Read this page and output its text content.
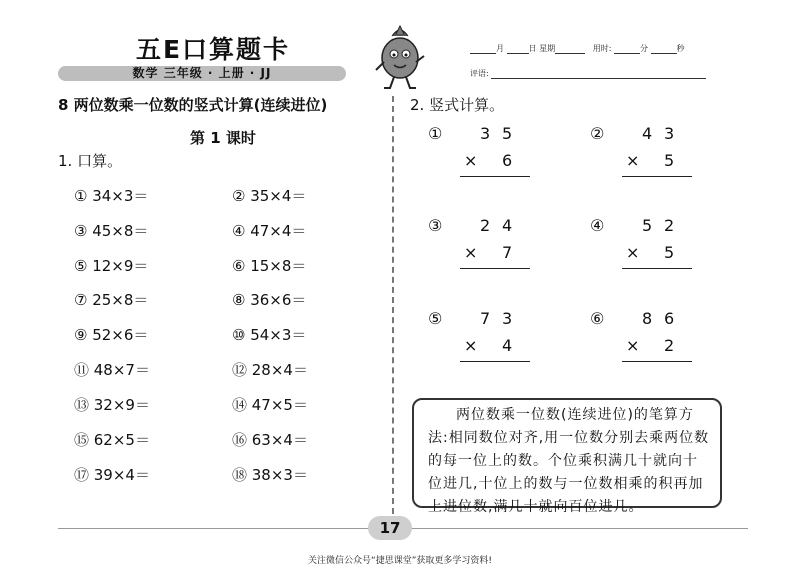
五E口算题卡
数学 三年级 · 上册 · JJ
月	日 星期	用时:	分	秒
评语:
8 两位数乘一位数的竖式计算(连续进位)
第 1 课时
1. 口算。
① 34×3＝	② 35×4＝
③ 45×8＝	④ 47×4＝
⑤ 12×9＝	⑥ 15×8＝
⑦ 25×8＝	⑧ 36×6＝
⑨ 52×6＝	⑩ 54×3＝
⑪ 48×7＝	⑫ 28×4＝
⑬ 32×9＝	⑭ 47×5＝
⑮ 62×5＝	⑯ 63×4＝
⑰ 39×4＝	⑱ 38×3＝
2. 竖式计算。
① 3 5
× 6
② 4 3
× 5
③ 2 4
× 7
④ 5 2
× 5
⑤ 7 3
× 4
⑥ 8 6
× 2
两位数乘一位数(连续进位)的笔算方法:相同数位对齐,用一位数分别去乘两位数的每一位上的数。个位乘积满几十就向十位进几,十位上的数与一位数相乘的积再加上进位数,满几十就向百位进几。
17
关注微信公众号“捷思课堂”获取更多学习资料!
